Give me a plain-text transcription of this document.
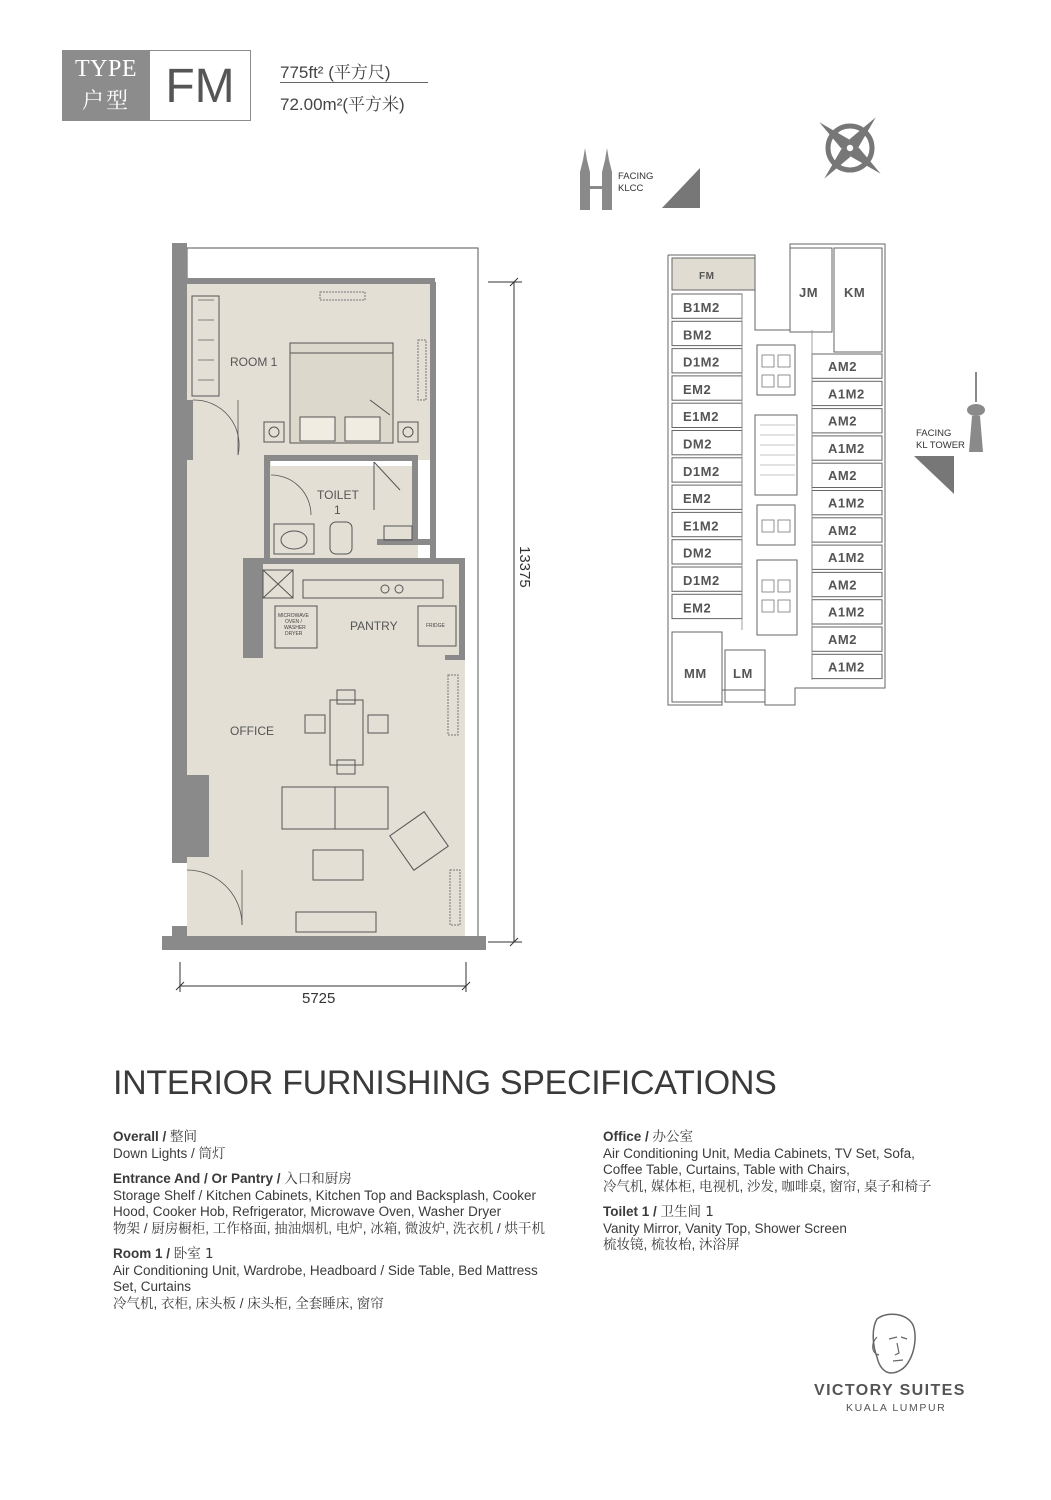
TYPE
户型 FM	775ft² (平方尺)
72.00m²(平方米)
FACING
KLCC
FACING
KL TOWER
ROOM 1
TOILET
1
PANTRY
OFFICE
FRIDGE
MICROWAVE
OVEN /
WASHER
DRYER
5725
13375
FM
B1M2
BM2
D1M2
EM2
E1M2
DM2
D1M2
EM2
E1M2
DM2
D1M2
EM2
AM2
A1M2
AM2
A1M2
AM2
A1M2
AM2
A1M2
AM2
A1M2
AM2
A1M2
JM KM
MM LM
INTERIOR FURNISHING SPECIFICATIONS

Overall / 整间

Down Lights / 筒灯

Entrance And / Or Pantry / 入口和厨房

Storage Shelf / Kitchen Cabinets, Kitchen Top and Backsplash, Cooker

Hood, Cooker Hob, Refrigerator, Microwave Oven, Washer Dryer

物架 / 厨房橱柜, 工作格面, 抽油烟机, 电炉, 冰箱, 微波炉, 洗衣机 / 烘干机

Room 1 / 卧室 1

Air Conditioning Unit, Wardrobe, Headboard / Side Table, Bed Mattress

Set, Curtains

冷气机, 衣柜, 床头板 / 床头柜, 全套睡床, 窗帘

Office / 办公室

Air Conditioning Unit, Media Cabinets, TV Set, Sofa,

Coffee Table, Curtains, Table with Chairs,

冷气机, 媒体柜, 电视机, 沙发, 咖啡桌, 窗帘, 桌子和椅子

Toilet 1 / 卫生间 1

Vanity Mirror, Vanity Top, Shower Screen

梳妆镜, 梳妆枱, 沐浴屏

VICTORY SUITES
KUALA LUMPUR
